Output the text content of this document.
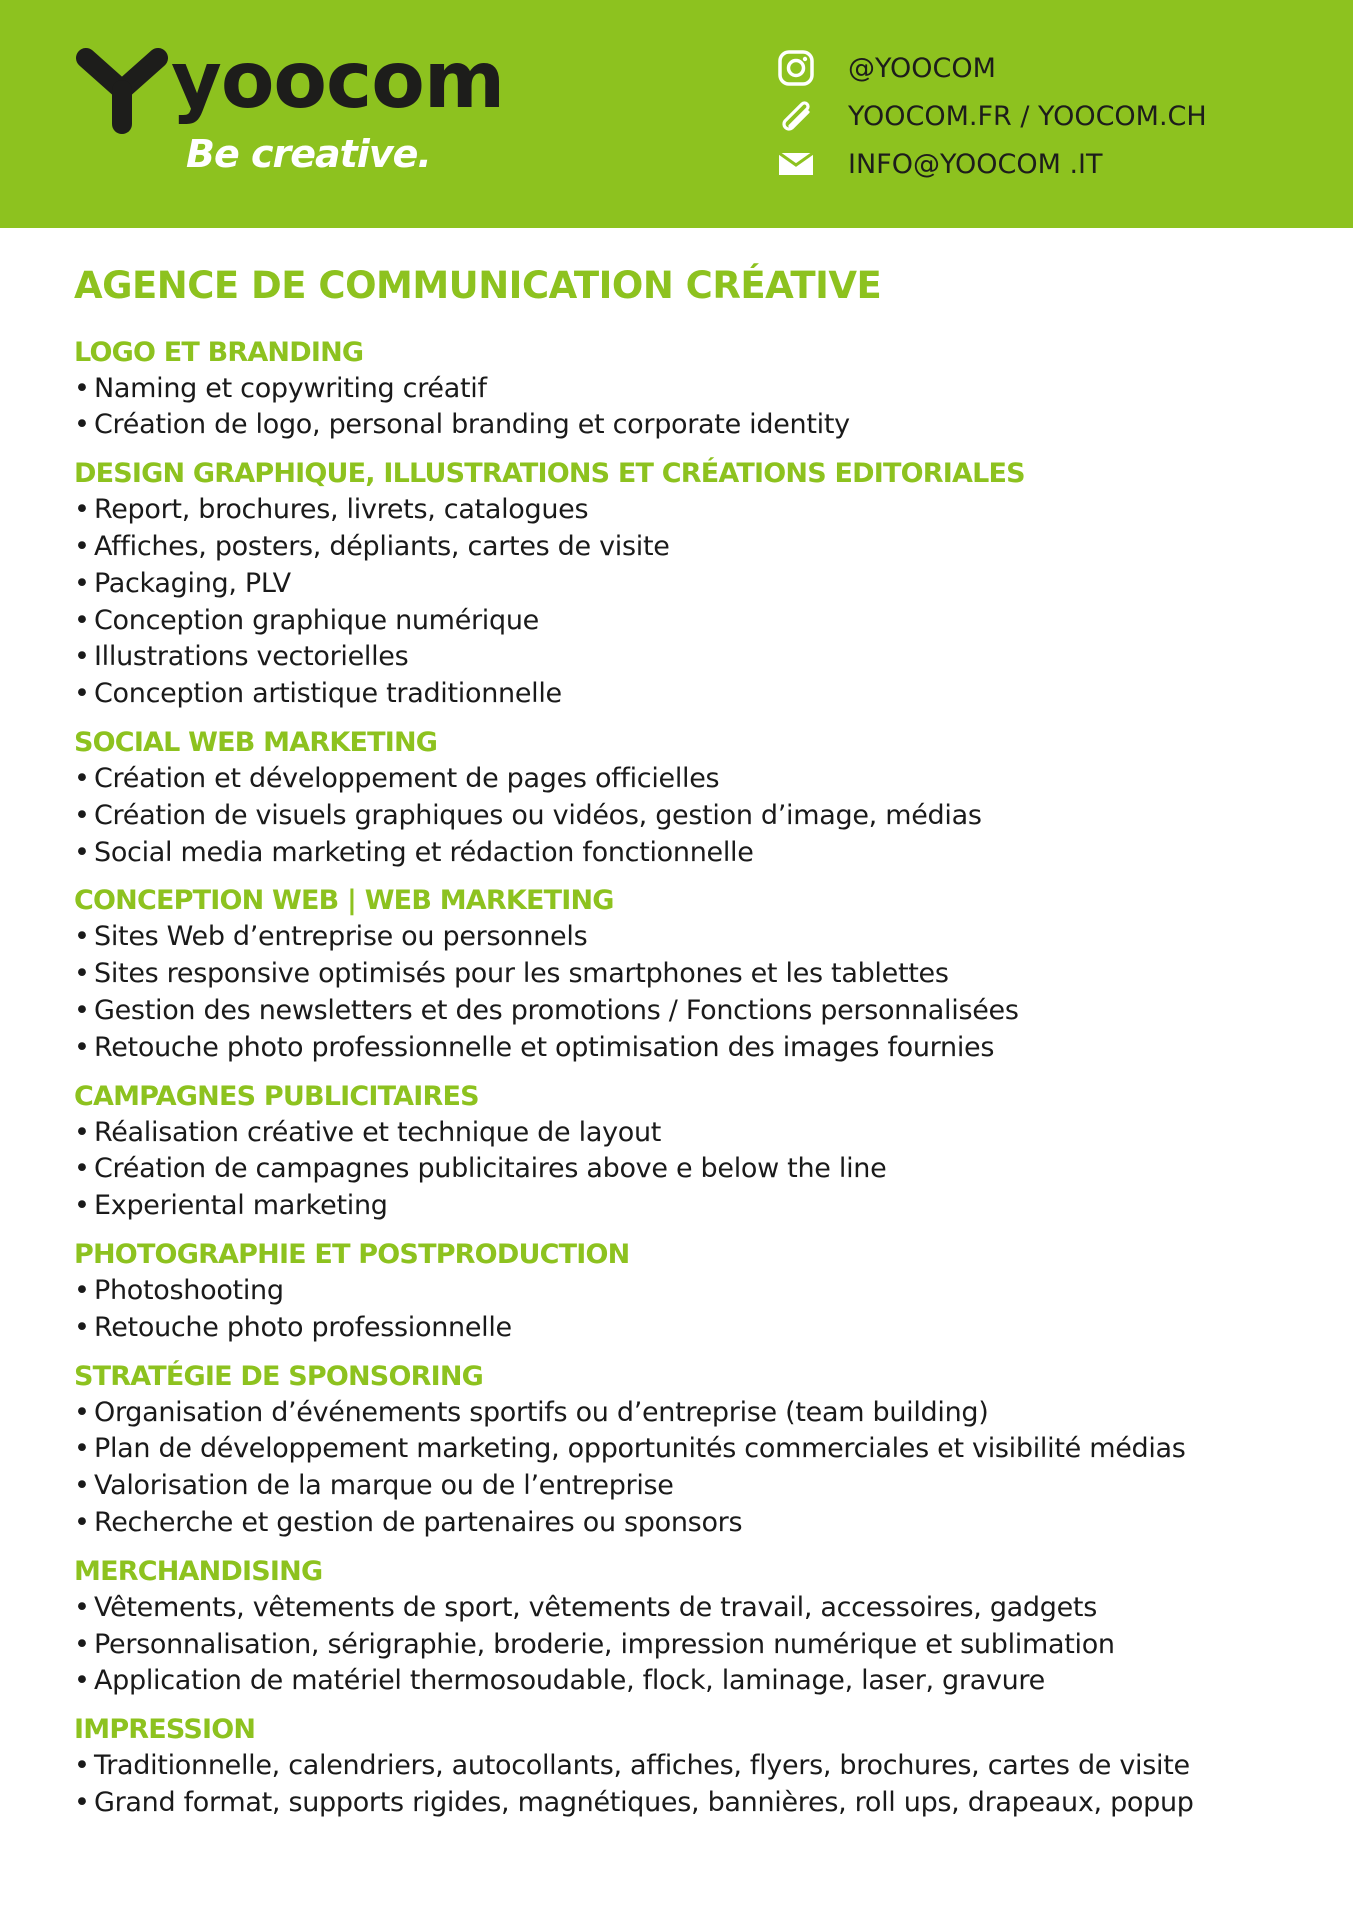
yoocom
Be creative.
@YOOCOM
YOOCOM.FR / YOOCOM.CH
INFO@YOOCOM .IT
AGENCE DE COMMUNICATION CRÉATIVE
LOGO ET BRANDING
• Naming et copywriting créatif
• Création de logo, personal branding et corporate identity
DESIGN GRAPHIQUE, ILLUSTRATIONS ET CRÉATIONS EDITORIALES
• Report, brochures, livrets, catalogues
• Affiches, posters, dépliants, cartes de visite
• Packaging, PLV
• Conception graphique numérique
• Illustrations vectorielles
• Conception artistique traditionnelle
SOCIAL WEB MARKETING
• Création et développement de pages officielles
• Création de visuels graphiques ou vidéos, gestion d’image, médias
• Social media marketing et rédaction fonctionnelle
CONCEPTION WEB | WEB MARKETING
• Sites Web d’entreprise ou personnels
• Sites responsive optimisés pour les smartphones et les tablettes
• Gestion des newsletters et des promotions / Fonctions personnalisées
• Retouche photo professionnelle et optimisation des images fournies
CAMPAGNES PUBLICITAIRES
• Réalisation créative et technique de layout
• Création de campagnes publicitaires above e below the line
• Experiental marketing
PHOTOGRAPHIE ET POSTPRODUCTION
• Photoshooting
• Retouche photo professionnelle
STRATÉGIE DE SPONSORING
• Organisation d’événements sportifs ou d’entreprise (team building)
• Plan de développement marketing, opportunités commerciales et visibilité médias
• Valorisation de la marque ou de l’entreprise
• Recherche et gestion de partenaires ou sponsors
MERCHANDISING
• Vêtements, vêtements de sport, vêtements de travail, accessoires, gadgets
• Personnalisation, sérigraphie, broderie, impression numérique et sublimation
• Application de matériel thermosoudable, flock, laminage, laser, gravure
IMPRESSION
• Traditionnelle, calendriers, autocollants, affiches, flyers, brochures, cartes de visite
• Grand format, supports rigides, magnétiques, bannières, roll ups, drapeaux, popup
